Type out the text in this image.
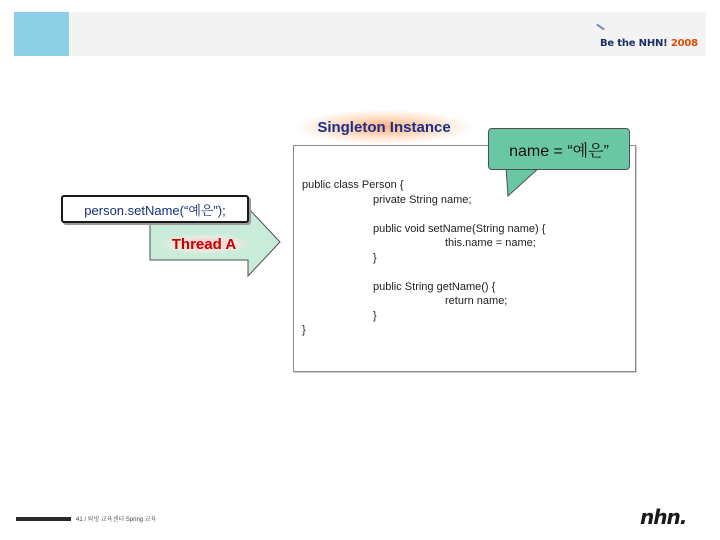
Be the NHN! 2008
Singleton Instance
public class Person {
private String name;
public void setName(String name) {
this.name = name;
}
public String getName() {
return name;
}
}
name = “예은”
Thread A
person.setName(“예은”);
41 / 퇴빙 교육센터 Spring 교육	nhn.
